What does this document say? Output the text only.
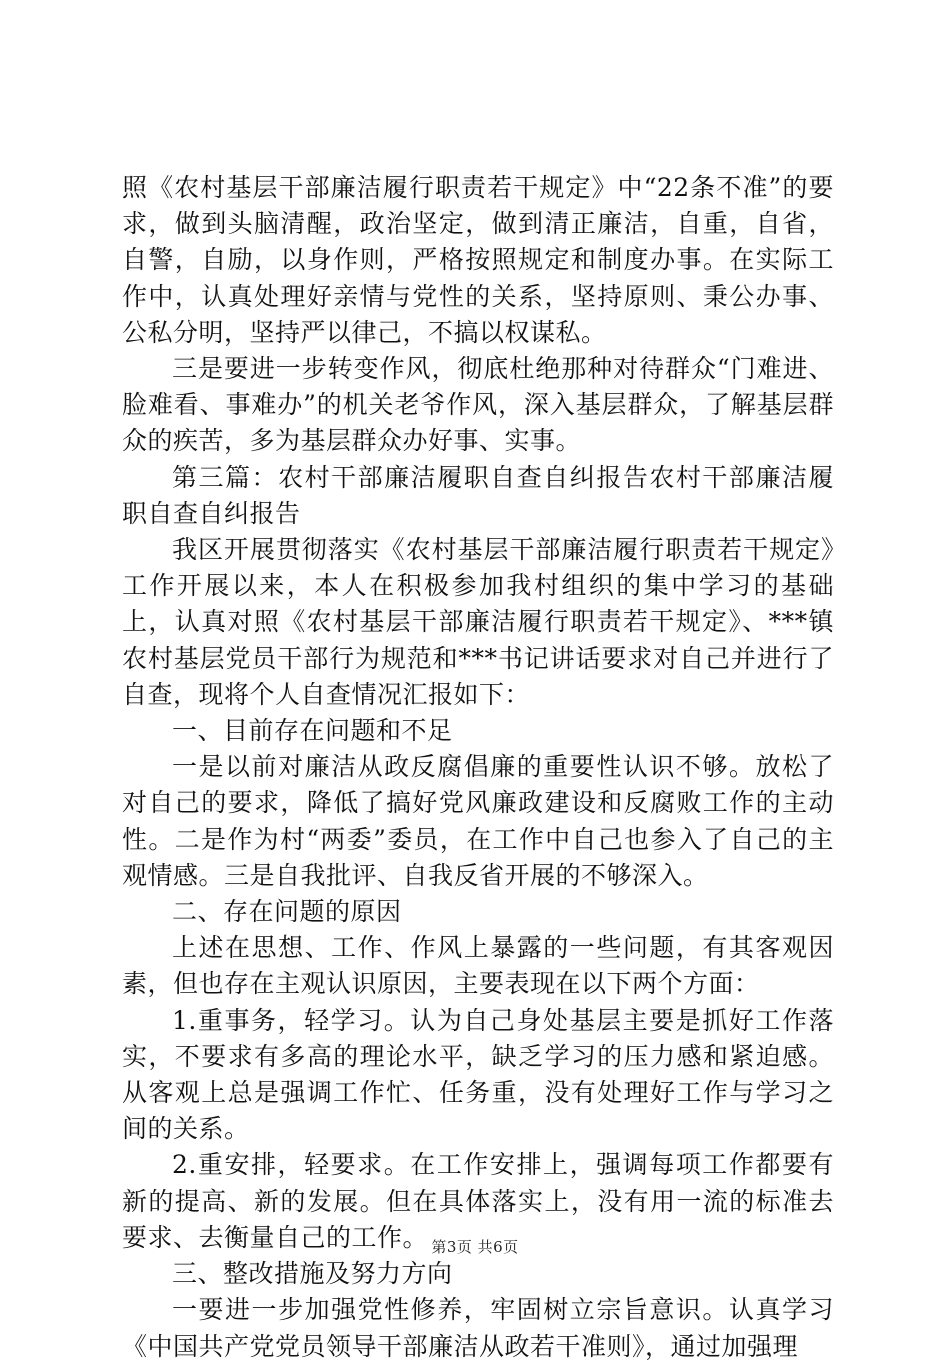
照《农村基层干部廉洁履行职责若干规定》中“22条不准”的要求，做到头脑清醒，政治坚定，做到清正廉洁，自重，自省，自警，自励，以身作则，严格按照规定和制度办事。在实际工作中，认真处理好亲情与党性的关系，坚持原则、秉公办事、公私分明，坚持严以律己，不搞以权谋私。

三是要进一步转变作风，彻底杜绝那种对待群众“门难进、脸难看、事难办”的机关老爷作风，深入基层群众，了解基层群众的疾苦，多为基层群众办好事、实事。

第三篇：农村干部廉洁履职自查自纠报告农村干部廉洁履职自查自纠报告

我区开展贯彻落实《农村基层干部廉洁履行职责若干规定》工作开展以来，本人在积极参加我村组织的集中学习的基础上，认真对照《农村基层干部廉洁履行职责若干规定》、***镇农村基层党员干部行为规范和***书记讲话要求对自己并进行了自查，现将个人自查情况汇报如下：

一、目前存在问题和不足

一是以前对廉洁从政反腐倡廉的重要性认识不够。放松了对自己的要求，降低了搞好党风廉政建设和反腐败工作的主动性。二是作为村“两委”委员，在工作中自己也参入了自己的主观情感。三是自我批评、自我反省开展的不够深入。

二、存在问题的原因

上述在思想、工作、作风上暴露的一些问题，有其客观因素，但也存在主观认识原因，主要表现在以下两个方面：

1.重事务，轻学习。认为自己身处基层主要是抓好工作落实，不要求有多高的理论水平，缺乏学习的压力感和紧迫感。从客观上总是强调工作忙、任务重，没有处理好工作与学习之间的关系。

2.重安排，轻要求。在工作安排上，强调每项工作都要有新的提高、新的发展。但在具体落实上，没有用一流的标准去要求、去衡量自己的工作。

三、整改措施及努力方向

一要进一步加强党性修养，牢固树立宗旨意识。认真学习《中国共产党党员领导干部廉洁从政若干准则》，通过加强理

第3页 共6页
